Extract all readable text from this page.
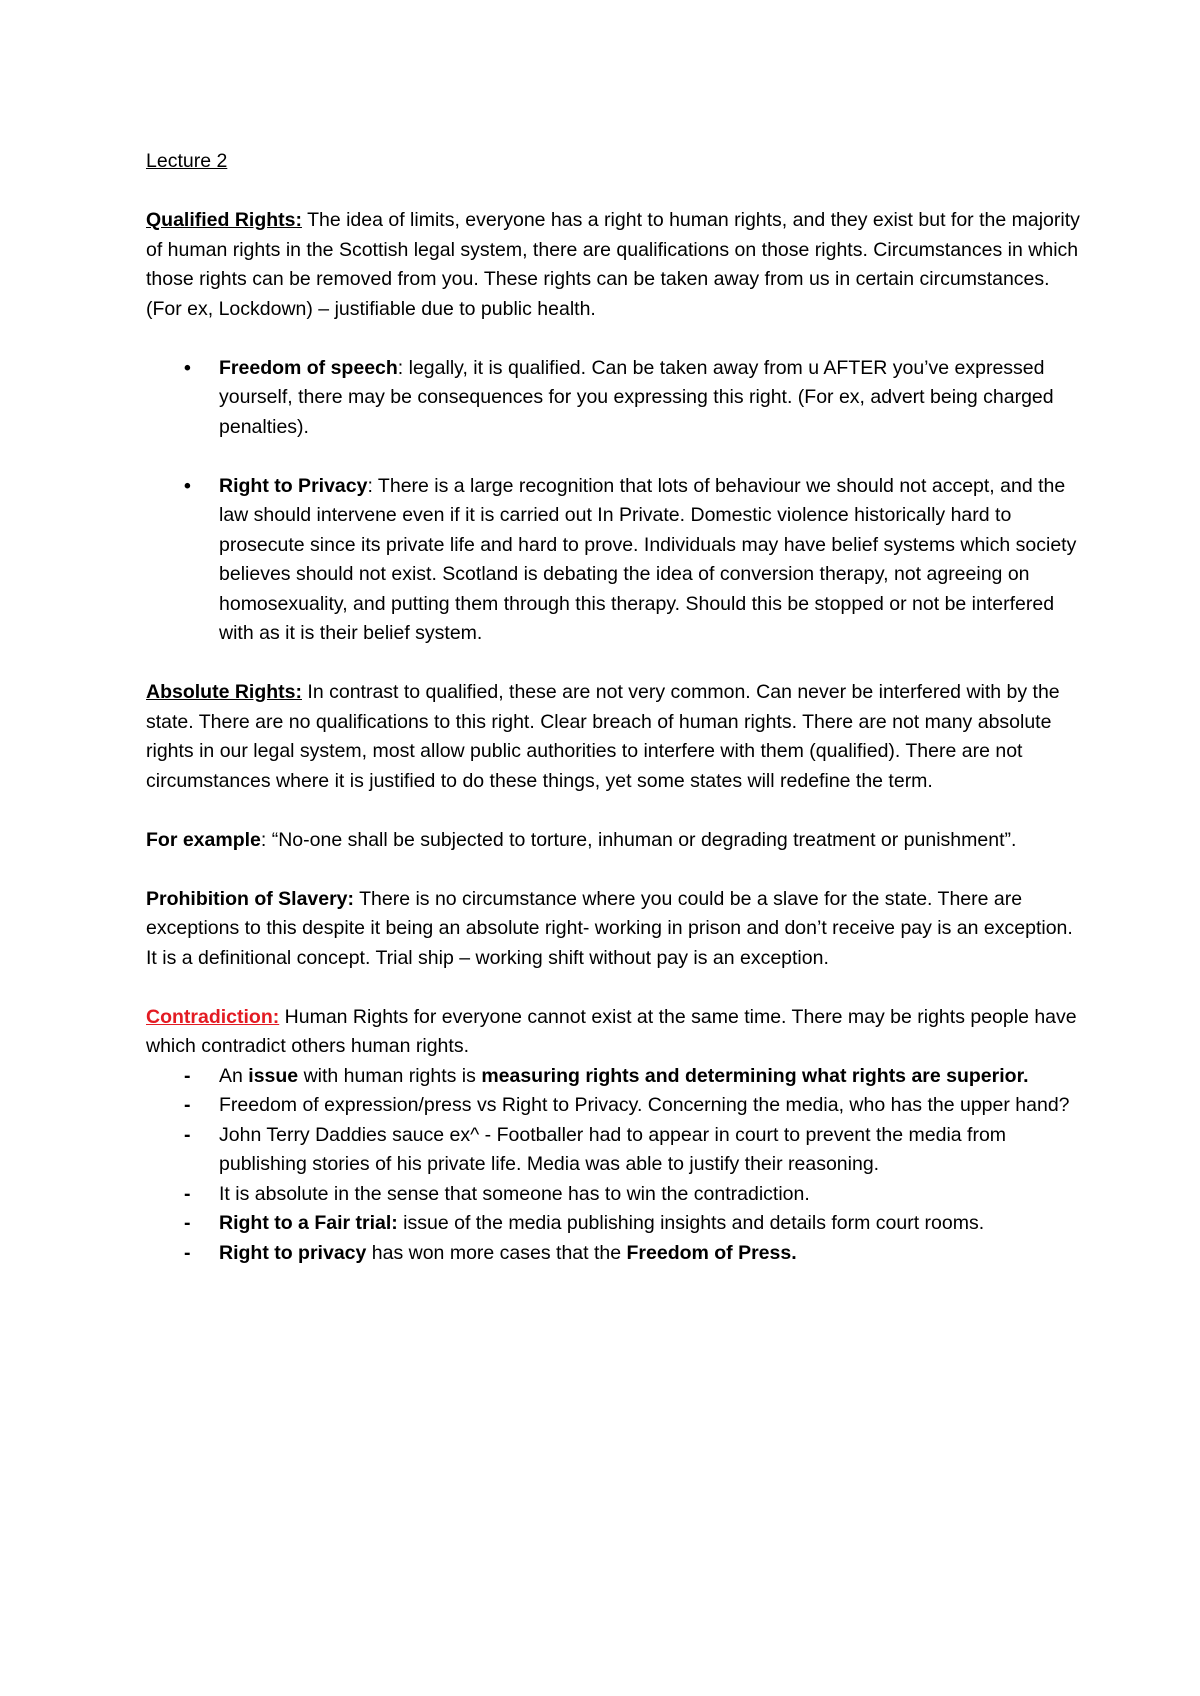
Lecture 2

Qualified Rights: The idea of limits, everyone has a right to human rights, and they exist but for the majority of human rights in the Scottish legal system, there are qualifications on those rights. Circumstances in which those rights can be removed from you. These rights can be taken away from us in certain circumstances. (For ex, Lockdown) – justifiable due to public health.

• Freedom of speech: legally, it is qualified. Can be taken away from u AFTER you’ve expressed yourself, there may be consequences for you expressing this right. (For ex, advert being charged penalties).
• Right to Privacy: There is a large recognition that lots of behaviour we should not accept, and the law should intervene even if it is carried out In Private. Domestic violence historically hard to prosecute since its private life and hard to prove. Individuals may have belief systems which society believes should not exist. Scotland is debating the idea of conversion therapy, not agreeing on homosexuality, and putting them through this therapy. Should this be stopped or not be interfered with as it is their belief system.

Absolute Rights: In contrast to qualified, these are not very common. Can never be interfered with by the state. There are no qualifications to this right. Clear breach of human rights. There are not many absolute rights in our legal system, most allow public authorities to interfere with them (qualified). There are not circumstances where it is justified to do these things, yet some states will redefine the term.

For example: “No-one shall be subjected to torture, inhuman or degrading treatment or punishment”.

Prohibition of Slavery: There is no circumstance where you could be a slave for the state. There are exceptions to this despite it being an absolute right- working in prison and don’t receive pay is an exception. It is a definitional concept. Trial ship – working shift without pay is an exception.

Contradiction: Human Rights for everyone cannot exist at the same time. There may be rights people have which contradict others human rights.

- An issue with human rights is measuring rights and determining what rights are superior.
- Freedom of expression/press vs Right to Privacy. Concerning the media, who has the upper hand?
- John Terry Daddies sauce ex^ - Footballer had to appear in court to prevent the media from publishing stories of his private life. Media was able to justify their reasoning.
- It is absolute in the sense that someone has to win the contradiction.
- Right to a Fair trial: issue of the media publishing insights and details form court rooms.
- Right to privacy has won more cases that the Freedom of Press.
